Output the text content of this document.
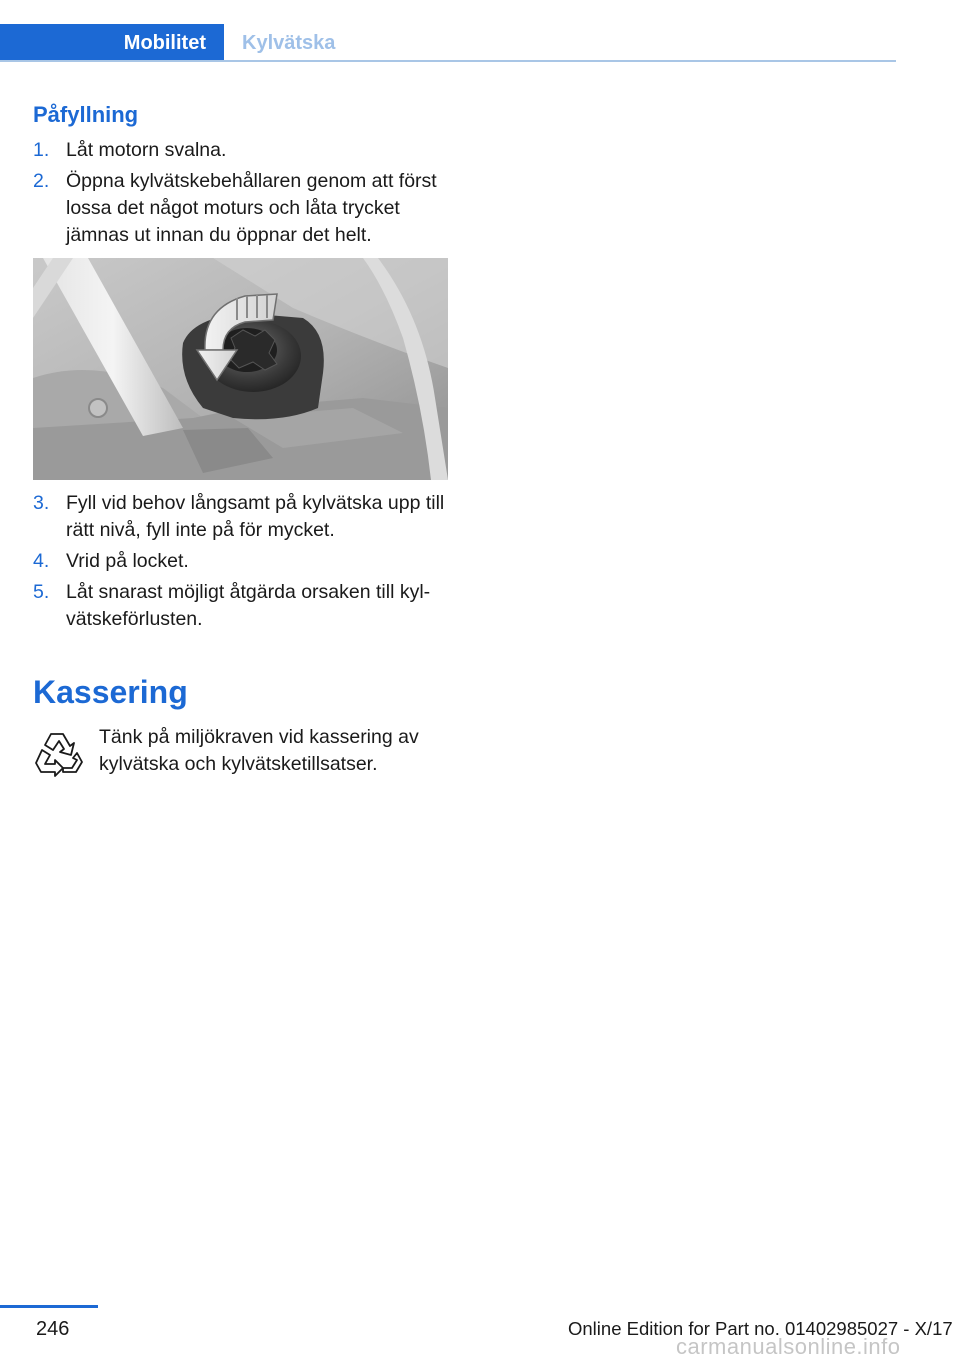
Mobilitet	Kylvätska
Påfyllning
1. Låt motorn svalna.
2. Öppna kylvätskebehållaren genom att först lossa det något moturs och låta trycket jämnas ut innan du öppnar det helt.
3. Fyll vid behov långsamt på kylvätska upp till rätt nivå, fyll inte på för mycket.
4. Vrid på locket.
5. Låt snarast möjligt åtgärda orsaken till kylvätskeförlusten.
Kassering
Tänk på miljökraven vid kassering av kylvätska och kylvätsketillsatser.
246	Online Edition for Part no. 01402985027 - X/17
carmanualsonline.info
